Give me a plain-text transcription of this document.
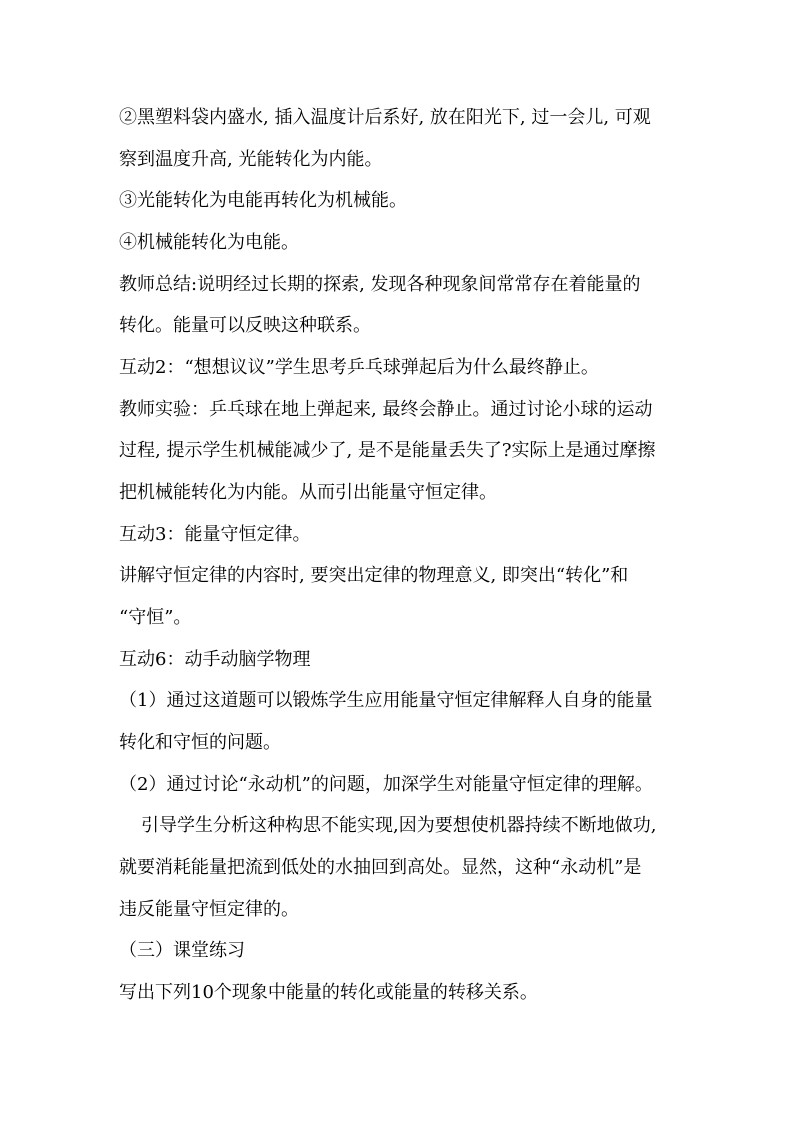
②黑塑料袋内盛水, 插入温度计后系好, 放在阳光下, 过一会儿, 可观
察到温度升高, 光能转化为内能。
③光能转化为电能再转化为机械能。
④机械能转化为电能。
教师总结:说明经过长期的探索, 发现各种现象间常常存在着能量的
转化。能量可以反映这种联系。
互动2：“想想议议”学生思考乒乓球弹起后为什么最终静止。
教师实验：乒乓球在地上弹起来, 最终会静止。通过讨论小球的运动
过程, 提示学生机械能减少了, 是不是能量丢失了?实际上是通过摩擦
把机械能转化为内能。从而引出能量守恒定律。
互动3：能量守恒定律。
讲解守恒定律的内容时, 要突出定律的物理意义, 即突出“转化”和
“守恒”。
互动6：动手动脑学物理
（1）通过这道题可以锻炼学生应用能量守恒定律解释人自身的能量
转化和守恒的问题。
（2）通过讨论“永动机”的问题，加深学生对能量守恒定律的理解。
引导学生分析这种构思不能实现,因为要想使机器持续不断地做功,
就要消耗能量把流到低处的水抽回到高处。显然，这种“永动机”是
违反能量守恒定律的。
（三）课堂练习
写出下列10个现象中能量的转化或能量的转移关系。
